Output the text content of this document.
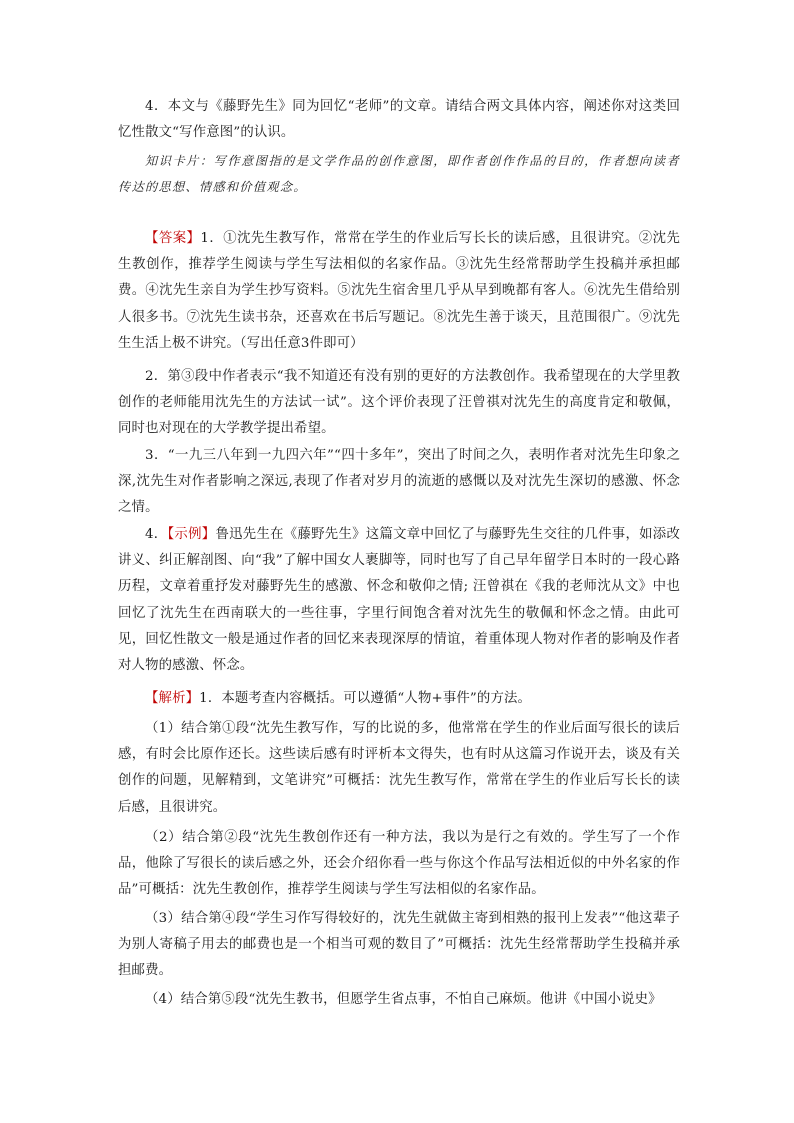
4．本文与《藤野先生》同为回忆“老师”的文章。请结合两文具体内容，阐述你对这类回忆性散文“写作意图”的认识。

知识卡片：写作意图指的是文学作品的创作意图，即作者创作作品的目的，作者想向读者传达的思想、情感和价值观念。

【答案】1．①沈先生教写作，常常在学生的作业后写长长的读后感，且很讲究。②沈先生教创作，推荐学生阅读与学生写法相似的名家作品。③沈先生经常帮助学生投稿并承担邮费。④沈先生亲自为学生抄写资料。⑤沈先生宿舍里几乎从早到晚都有客人。⑥沈先生借给别人很多书。⑦沈先生读书杂，还喜欢在书后写题记。⑧沈先生善于谈天，且范围很广。⑨沈先生生活上极不讲究。（写出任意3件即可）

2．第③段中作者表示“我不知道还有没有别的更好的方法教创作。我希望现在的大学里教创作的老师能用沈先生的方法试一试”。这个评价表现了汪曾祺对沈先生的高度肯定和敬佩，同时也对现在的大学教学提出希望。

3．“一九三八年到一九四六年”“四十多年”，突出了时间之久，表明作者对沈先生印象之深,沈先生对作者影响之深远,表现了作者对岁月的流逝的感慨以及对沈先生深切的感激、怀念之情。

4．【示例】鲁迅先生在《藤野先生》这篇文章中回忆了与藤野先生交往的几件事，如添改讲义、纠正解剖图、向“我”了解中国女人裹脚等，同时也写了自己早年留学日本时的一段心路历程，文章着重抒发对藤野先生的感激、怀念和敬仰之情; 汪曾祺在《我的老师沈从文》中也回忆了沈先生在西南联大的一些往事，字里行间饱含着对沈先生的敬佩和怀念之情。由此可见，回忆性散文一般是通过作者的回忆来表现深厚的情谊，着重体现人物对作者的影响及作者对人物的感激、怀念。

【解析】1．本题考查内容概括。可以遵循“人物+事件”的方法。

（1）结合第①段“沈先生教写作，写的比说的多，他常常在学生的作业后面写很长的读后感，有时会比原作还长。这些读后感有时评析本文得失，也有时从这篇习作说开去，谈及有关创作的问题，见解精到，文笔讲究”可概括：沈先生教写作，常常在学生的作业后写长长的读后感，且很讲究。

（2）结合第②段“沈先生教创作还有一种方法，我以为是行之有效的。学生写了一个作品，他除了写很长的读后感之外，还会介绍你看一些与你这个作品写法相近似的中外名家的作品”可概括：沈先生教创作，推荐学生阅读与学生写法相似的名家作品。

（3）结合第④段“学生习作写得较好的，沈先生就做主寄到相熟的报刊上发表”“他这辈子为别人寄稿子用去的邮费也是一个相当可观的数目了”可概括：沈先生经常帮助学生投稿并承担邮费。

（4）结合第⑤段“沈先生教书，但愿学生省点事，不怕自己麻烦。他讲《中国小说史》
